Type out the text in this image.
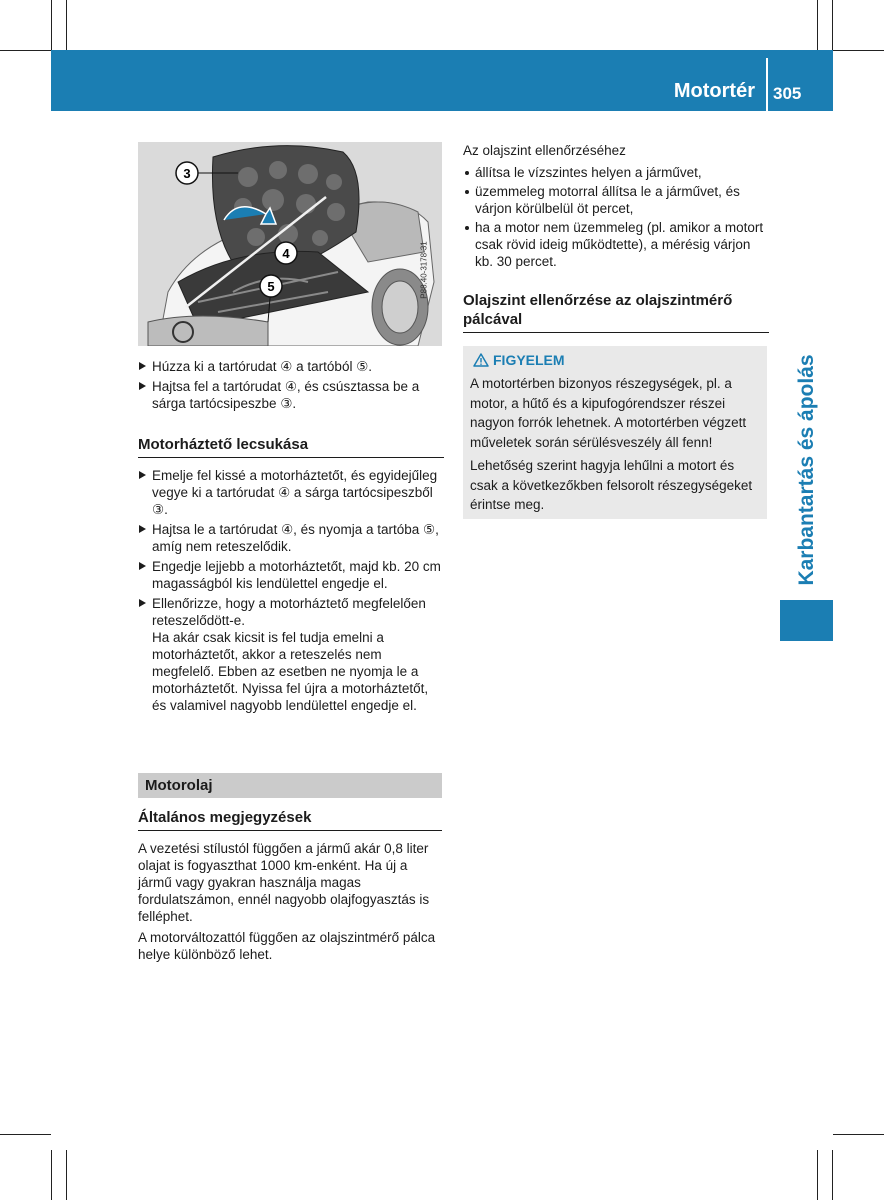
Motortér 305
Karbantartás és ápolás
3
4
5	P88.40-3178-31
Húzza ki a tartórudat ④ a tartóból ⑤.
Hajtsa fel a tartórudat ④, és csúsztassa be a sárga tartócsipeszbe ③.
Motorháztető lecsukása
Emelje fel kissé a motorháztetőt, és egyidejűleg vegye ki a tartórudat ④ a sárga tartócsipeszből ③.
Hajtsa le a tartórudat ④, és nyomja a tartóba ⑤, amíg nem reteszelődik.
Engedje lejjebb a motorháztetőt, majd kb. 20 cm magasságból kis lendülettel engedje el.
Ellenőrizze, hogy a motorháztető megfelelően reteszelődött-e.

Ha akár csak kicsit is fel tudja emelni a motorháztetőt, akkor a reteszelés nem megfelelő. Ebben az esetben ne nyomja le a motorháztetőt. Nyissa fel újra a motorháztetőt, és valamivel nagyobb lendülettel engedje el.

Motorolaj
Általános megjegyzések

A vezetési stílustól függően a jármű akár 0,8 liter olajat is fogyaszthat 1000 km-enként. Ha új a jármű vagy gyakran használja magas fordulatszámon, ennél nagyobb olajfogyasztás is felléphet.

A motorváltozattól függően az olajszintmérő pálca helye különböző lehet.

Az olajszint ellenőrzéséhez

állítsa le vízszintes helyen a járművet,
üzemmeleg motorral állítsa le a járművet, és várjon körülbelül öt percet,
ha a motor nem üzemmeleg (pl. amikor a motort csak rövid ideig működtette), a mérésig várjon kb. 30 percet.
Olajszint ellenőrzése az olajszintmérő pálcával
FIGYELEM

A motortérben bizonyos részegységek, pl. a motor, a hűtő és a kipufogórendszer részei nagyon forrók lehetnek. A motortérben végzett műveletek során sérülésveszély áll fenn!

Lehetőség szerint hagyja lehűlni a motort és csak a következőkben felsorolt részegységeket érintse meg.
